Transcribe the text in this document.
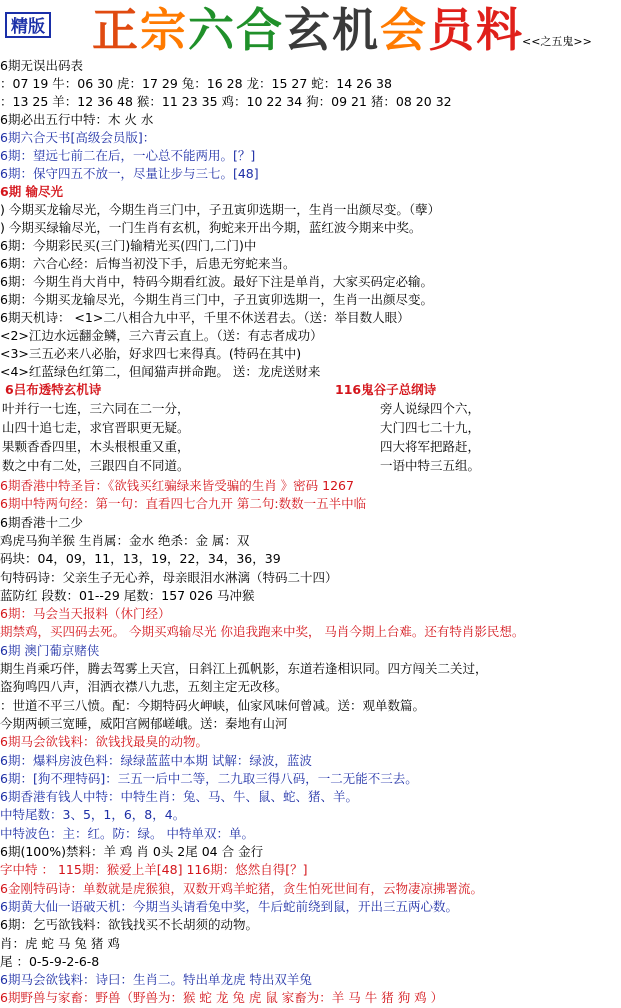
精版 正宗六合玄机会员料
<<之五鬼>>
6期无误出码表
：07 19 牛：06 30 虎：17 29 兔：16 28 龙：15 27 蛇：14 26 38
：13 25 羊：12 36 48 猴：11 23 35 鸡：10 22 34 狗：09 21 猪：08 20 32
6期必出五行中特：木 火 水
6期六合天书[高级会员版]：
6期：望远七前二在后，一心总不能两用。[？]
6期：保守四五不放一，尽量让步与三七。[48]
6期 输尽光
) 今期买龙输尽光，今期生肖三门中，子丑寅卯选期一，生肖一出颜尽变。（孽）
) 今期买绿输尽光，一门生肖有玄机，狗蛇来开出今期，蓝红波今期来中奖。
6期：今期彩民买(三门)输精光买(四门,二门)中
6期：六合心经：后悔当初没下手，后患无穷蛇来当。
6期：今期生肖大肖中，特码今期看红波。最好下注是单肖，大家买码定必输。
6期：今期买龙输尽光，今期生肖三门中，子丑寅卯选期一，生肖一出颜尽变。
6期天机诗： <1>二八相合九中平，千里不休送君去。（送：举目数人眼）
<2>江边水远翻金鳞，三六青云直上。（送：有志者成功）
<3>三五必来八必胎，好求四七来得真。(特码在其中)
<4>红蓝绿色红第二，但闻猫声拼命跑。 送：龙虎送财来
6吕布透特玄机诗	116鬼谷子总纲诗
叶并行一七连，三六同在二一分，
山四十追七走，求官晋职更无疑。
果颗香香四里，木头根根重又重，
数之中有二处，三跟四自不同道。
旁人说绿四个六，
大门四七二十九，
四大将军把路赶，
一语中特三五组。
6期香港中特圣旨：《欲钱买红骗绿来皆受骗的生肖 》密码 1267
6期中特两句经：第一句：直看四七合九开 第二句:数数一五半中临
6期香港十二少
鸡虎马狗羊猴 生肖属：金水 绝杀：金 属：双
码块：04，09，11，13，19，22，34，36，39
句特码诗：父亲生子无心养，母亲眼泪水淋漓（特码二十四）
蓝防红 段数：01--29 尾数：157 026 马冲猴
6期：马会当天报料（休门经）
期禁鸡，买四码去死。 今期买鸡输尽光 你追我跑来中奖， 马肖今期上台难。还有特肖影民想。
6期 澳门葡京赌侠
期生肖乘巧伴，腾去驾雾上天宫，日斜江上孤帆影，东道若逢相识同。四方闯关二关过，
盗狗鸣四八声，泪洒衣襟八九悲，五刻主定无改移。
：世道不平三八愤。配：今期特码火岬峡，仙家风味何曾减。送：观单数篇。
今期两顿三宽睡，威阳宫阙郁嵯峨。送：秦地有山河
6期马会欲钱料：欲钱找最臭的动物。
6期：爆料房波色料：绿绿蓝蓝中本期 试解：绿波，蓝波
6期：[狗不理特码]：三五一后中二等，二九取三得八码，一二无能不三去。
6期香港有钱人中特：中特生肖：兔、马、牛、鼠、蛇、猪、羊。
中特尾数：3、5，1，6，8，4。
中特波色：主：红。防：绿。 中特单双：单。
6期(100%)禁料：羊 鸡 肖 0头 2尾 04 合 金行
字中特 ： 115期：猴爱上羊[48] 116期：悠然自得[？]
6金刚特码诗：单数就是虎猴狼，双数开鸡羊蛇猪，贪生怕死世间有，云物凄凉拂署流。
6期黄大仙一语破天机：今期当头请看兔中奖，牛后蛇前绕到鼠，开出三五两心数。
6期：乞丐欲钱料：欲钱找买不长胡须的动物。
肖：虎 蛇 马 兔 猪 鸡
尾 ：0-5-9-2-6-8
6期马会欲钱料：诗曰：生肖二。特出单龙虎 特出双羊兔
6期野兽与家畜：野兽（野兽为：猴 蛇 龙 兔 虎 鼠 家畜为：羊 马 牛 猪 狗 鸡 ）
